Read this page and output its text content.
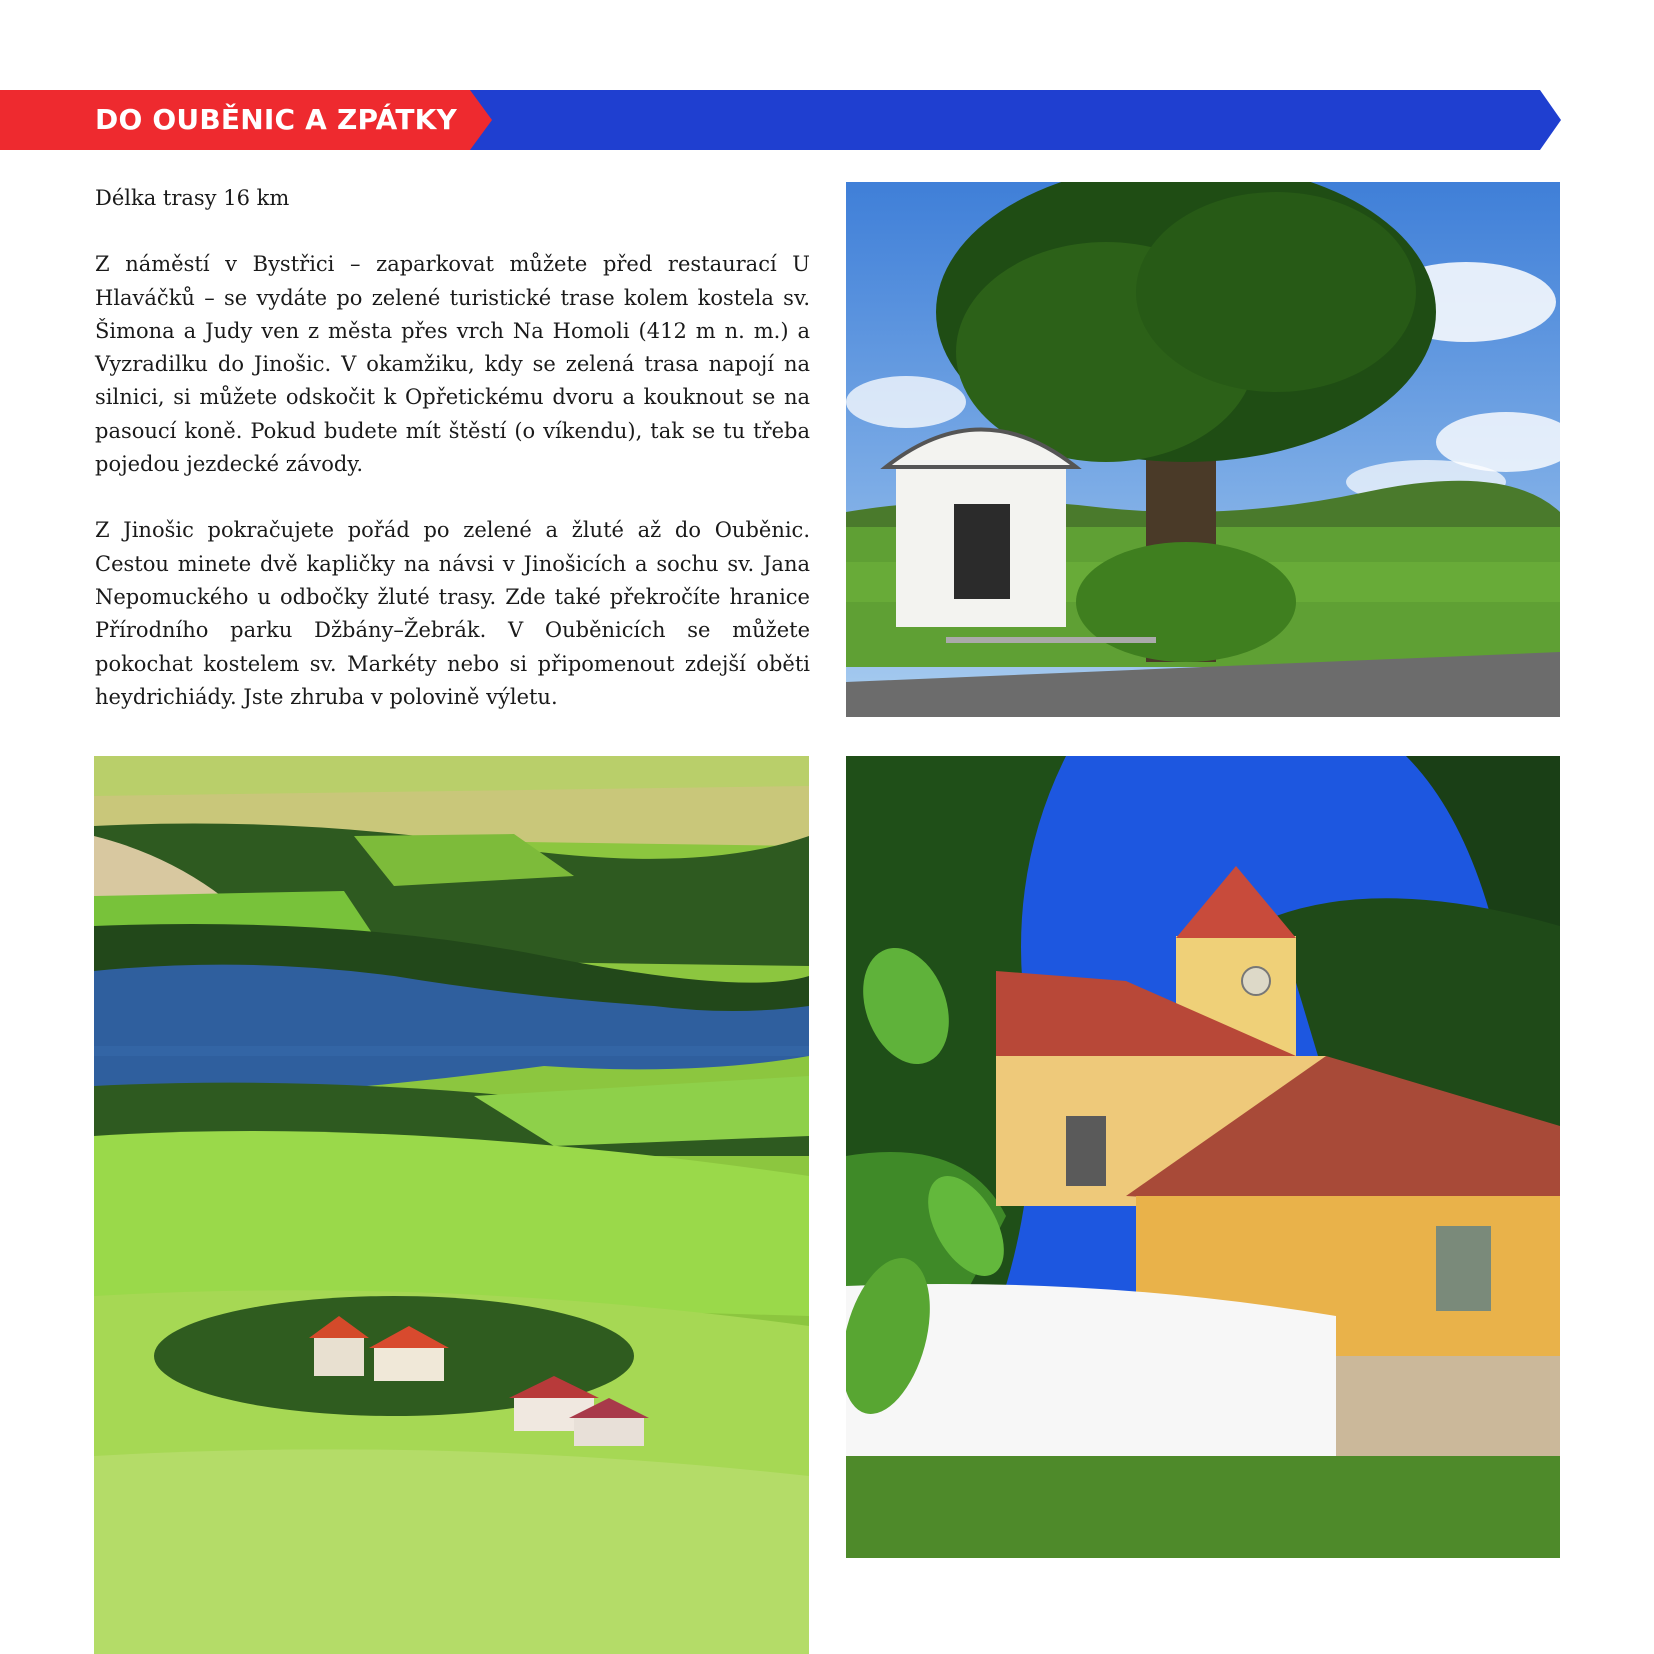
DO OUBĚNIC A ZPÁTKY

Délka trasy 16 km

Z náměstí v Bystřici – zaparkovat můžete před restaurací U Hlaváčků – se vydáte po zelené turistické trase kolem kostela sv. Šimona a Judy ven z města přes vrch Na Homoli (412 m n. m.) a Vyzradilku do Jinošic. V okamžiku, kdy se zelená trasa napojí na silnici, si můžete odskočit k Opřetickému dvoru a kouknout se na pasoucí koně. Pokud budete mít štěstí (o víkendu), tak se tu třeba pojedou jezdecké závody.

Z Jinošic pokračujete pořád po zelené a žluté až do Ouběnic. Cestou minete dvě kapličky na návsi v Jinošicích a sochu sv. Jana Nepomuckého u odbočky žluté trasy. Zde také překročíte hranice Přírodního parku Džbány–Žebrák. V Ouběnicích se můžete pokochat kostelem sv. Markéty nebo si připomenout zdejší oběti heydrichiády. Jste zhruba v polovině výletu.
